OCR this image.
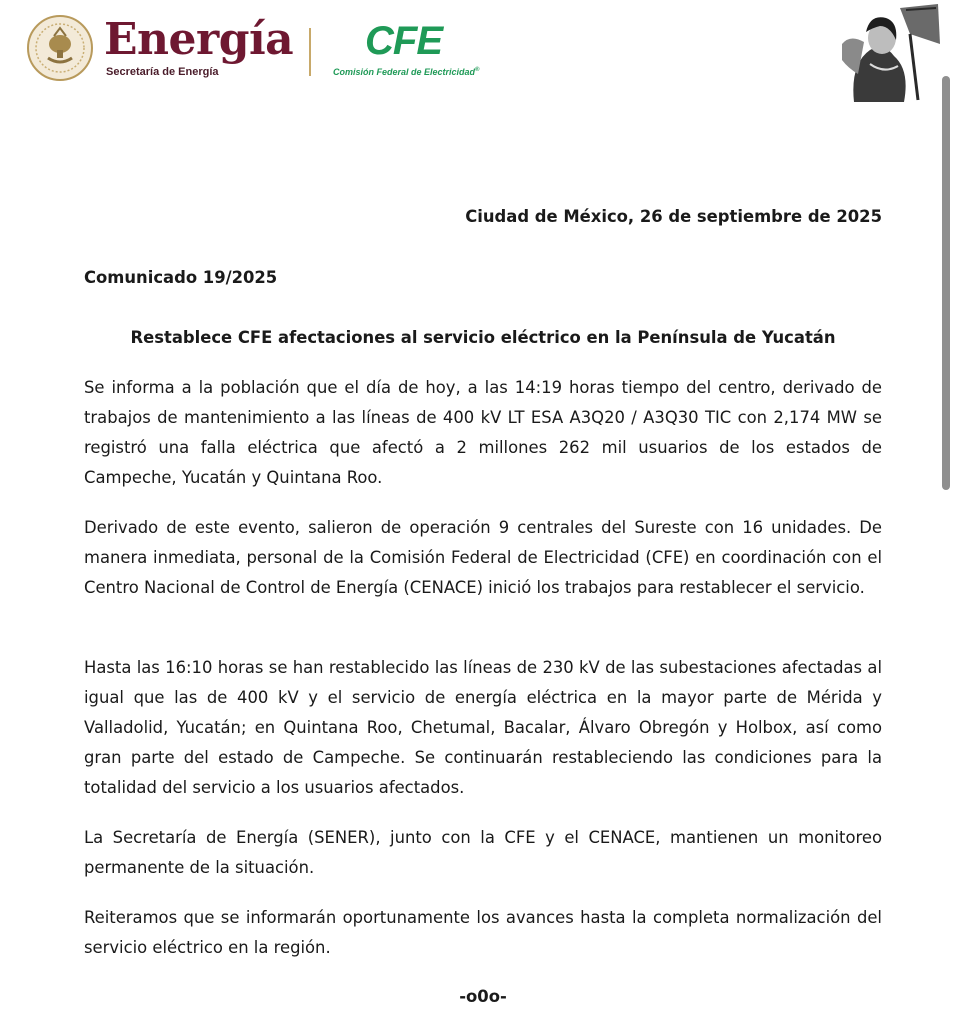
Energía
Secretaría de Energía
CFE
Comisión Federal de Electricidad®
Ciudad de México, 26 de septiembre de 2025
Comunicado 19/2025
Restablece CFE afectaciones al servicio eléctrico en la Península de Yucatán

Se informa a la población que el día de hoy, a las 14:19 horas tiempo del centro, derivado de trabajos de mantenimiento a las líneas de 400 kV LT ESA A3Q20 / A3Q30 TIC con 2,174 MW se registró una falla eléctrica que afectó a 2 millones 262 mil usuarios de los estados de Campeche, Yucatán y Quintana Roo.

Derivado de este evento, salieron de operación 9 centrales del Sureste con 16 unidades. De manera inmediata, personal de la Comisión Federal de Electricidad (CFE) en coordinación con el Centro Nacional de Control de Energía (CENACE) inició los trabajos para restablecer el servicio.

Hasta las 16:10 horas se han restablecido las líneas de 230 kV de las subestaciones afectadas al igual que las de 400 kV y el servicio de energía eléctrica en la mayor parte de Mérida y Valladolid, Yucatán; en Quintana Roo, Chetumal, Bacalar, Álvaro Obregón y Holbox, así como gran parte del estado de Campeche. Se continuarán restableciendo las condiciones para la totalidad del servicio a los usuarios afectados.

La Secretaría de Energía (SENER), junto con la CFE y el CENACE, mantienen un monitoreo permanente de la situación.

Reiteramos que se informarán oportunamente los avances hasta la completa normalización del servicio eléctrico en la región.

-o0o-
